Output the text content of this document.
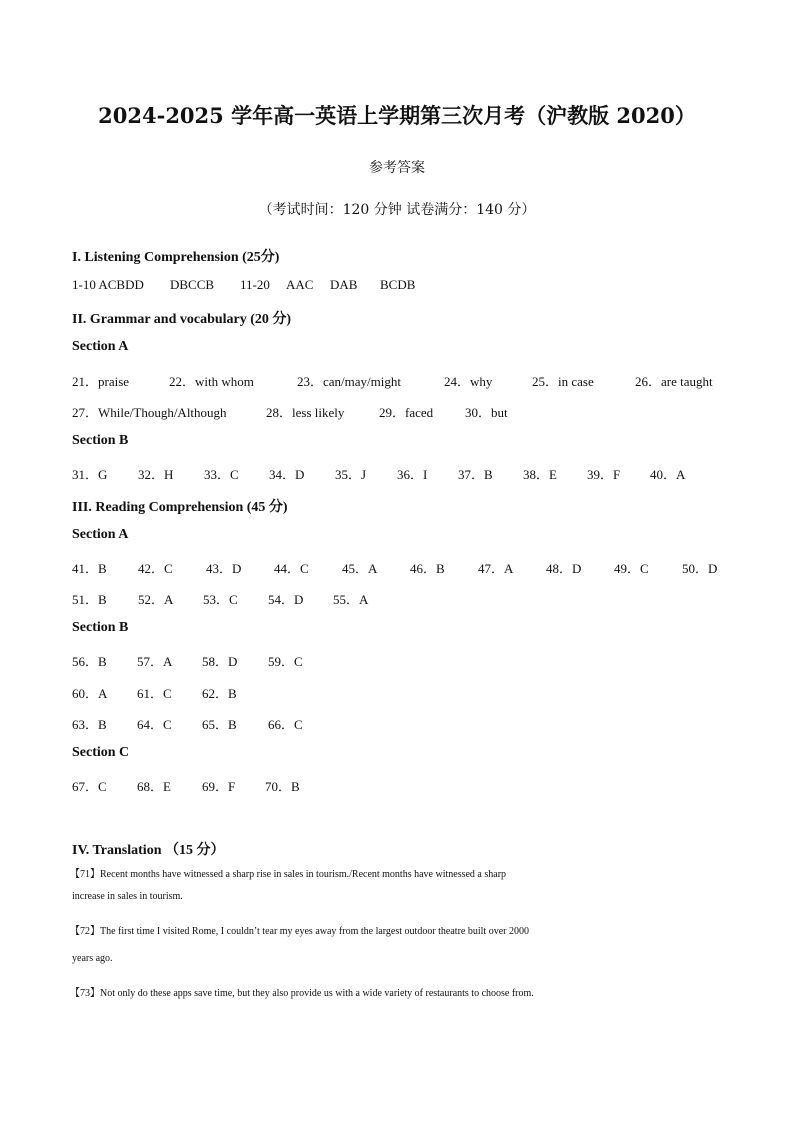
2024-2025 学年高一英语上学期第三次月考（沪教版 2020）
参考答案
（考试时间：120 分钟 试卷满分：140 分）
I. Listening Comprehension (25分)
1-10 ACBDD DBCCB 11-20 AAC DAB BCDB
II. Grammar and vocabulary (20 分)
Section A
21．praise	22．with whom	23．can/may/might	24．why	25．in case	26．are taught
27．While/Though/Although	28．less likely	29．faced 30．but
Section B
31．G 32．H 33．C 34．D 35．J 36．I 37．B 38．E 39．F 40．A
III. Reading Comprehension (45 分)
Section A
41．B 42．C	43．D	44．C	45．A	46．B	47．A	48．D	49．C	50．D
51．B 52．A 53．C 54．D 55．A
Section B
56．B 57．A 58．D 59．C
60．A 61．C 62．B
63．B 64．C 65．B 66．C
Section C
67．C 68．E 69．F 70．B
IV. Translation （15 分）
【71】Recent months have witnessed a sharp rise in sales in tourism./Recent months have witnessed a sharp
increase in sales in tourism.
【72】The first time I visited Rome, I couldn’t tear my eyes away from the largest outdoor theatre built over 2000
years ago.
【73】Not only do these apps save time, but they also provide us with a wide variety of restaurants to choose from.
